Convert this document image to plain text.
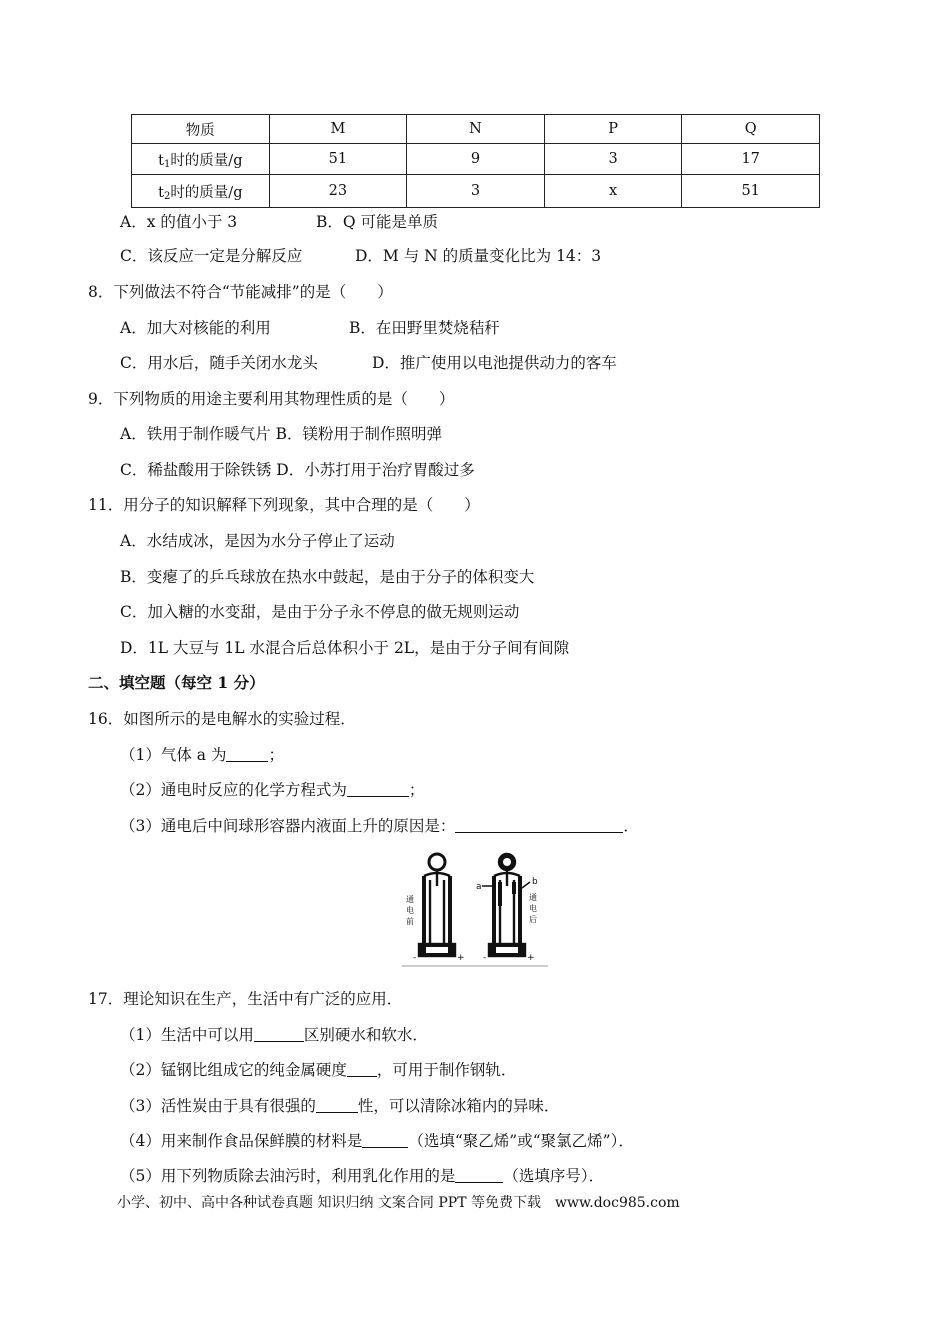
物质	M	N	P	Q
$t_1$时的质量/g	51	9	3	17
$t_2$时的质量/g	23	3	x	51
A．x 的值小于 3	B．Q 可能是单质
C．该反应一定是分解反应	D．M 与 N 的质量变化比为 14：3
8．下列做法不符合“节能减排”的是（　　）
A．加大对核能的利用	B．在田野里焚烧秸秆
C．用水后，随手关闭水龙头	D．推广使用以电池提供动力的客车
9．下列物质的用途主要利用其物理性质的是（　　）
A．铁用于制作暖气片 B．镁粉用于制作照明弹
C．稀盐酸用于除铁锈 D．小苏打用于治疗胃酸过多
11．用分子的知识解释下列现象，其中合理的是（　　）
A．水结成冰，是因为水分子停止了运动
B．变瘪了的乒乓球放在热水中鼓起，是由于分子的体积变大
C．加入糖的水变甜，是由于分子永不停息的做无规则运动
D．1L 大豆与 1L 水混合后总体积小于 2L，是由于分子间有间隙
二、填空题（每空 1 分）
16．如图所示的是电解水的实验过程．
（1）气体 a 为	；
（2）通电时反应的化学方程式为	；
（3）通电后中间球形容器内液面上升的原因是：	．
通电前
-	+
a	b
通电后
-	+
17．理论知识在生产，生活中有广泛的应用．
（1）生活中可以用	区别硬水和软水．
（2）锰钢比组成它的纯金属硬度 ，可用于制作钢轨．
（3）活性炭由于具有很强的	性，可以清除冰箱内的异味．
（4）用来制作食品保鲜膜的材料是	（选填“聚乙烯”或“聚氯乙烯”）．
（5）用下列物质除去油污时，利用乳化作用的是	（选填序号）．
小学、初中、高中各种试卷真题 知识归纳 文案合同 PPT 等免费下载　www.doc985.com
